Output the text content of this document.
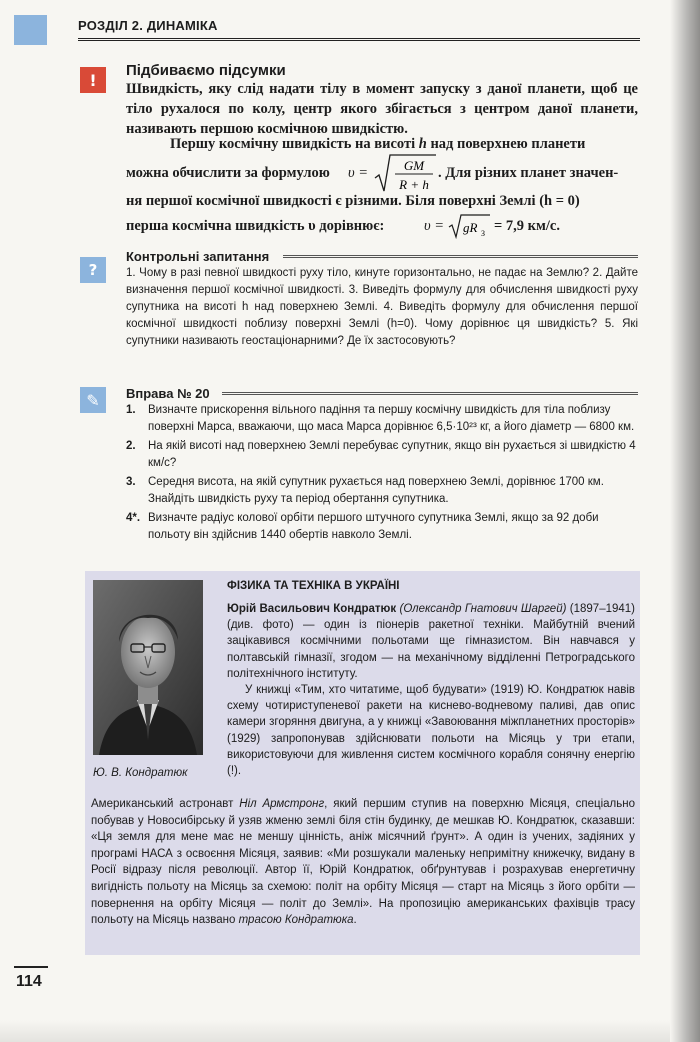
РОЗДІЛ 2. ДИНАМІКА
!	Підбиваємо підсумки
Швидкість, яку слід надати тілу в момент запуску з даної планети, щоб це тіло рухалося по колу, центр якого збігається з центром даної планети, називають першою космічною швидкістю.
Першу космічну швидкість на висоті h над поверхнею планети
можна обчислити за формулою υ =	GM
R + h
. Для різних планет значен-
ня першої космічної швидкості є різними. Біля поверхні Землі (h = 0)
перша космічна швидкість υ дорівнює:	υ = gR З = 7,9 км/с.
?
Контрольні запитання
1. Чому в разі певної швидкості руху тіло, кинуте горизонтально, не падає на Землю? 2. Дайте визначення першої космічної швидкості. 3. Виведіть формулу для обчислення швидкості руху супутника на висоті h над поверхнею Землі. 4. Виведіть формулу для обчислення першої космічної швидкості поблизу поверхні Землі (h=0). Чому дорівнює ця швидкість? 5. Які супутники називають геостаціонарними? Де їх застосовують?
✎	Вправа № 20
1. Визначте прискорення вільного падіння та першу космічну швидкість для тіла поблизу поверхні Марса, вважаючи, що маса Марса дорівнює 6,5·10²³ кг, а його діаметр — 6800 км.
2. На якій висоті над поверхнею Землі перебуває супутник, якщо він рухається зі швидкістю 4 км/с?
3. Середня висота, на якій супутник рухається над поверхнею Землі, дорівнює 1700 км. Знайдіть швидкість руху та період обертання супутника.
4*. Визначте радіус колової орбіти першого штучного супутника Землі, якщо за 92 доби польоту він здійснив 1440 обертів навколо Землі.
Ю. В. Кондратюк
ФІЗИКА ТА ТЕХНІКА В УКРАЇНІ

Юрій Васильович Кондратюк (Олександр Гнатович Шаргей) (1897–1941) (див. фото) — один із піонерів ракетної техніки. Майбутній вчений зацікавився космічними польотами ще гімназистом. Він навчався у полтавській гімназії, згодом — на механічному відділенні Петроградського політехнічного інституту.

У книжці «Тим, хто читатиме, щоб будувати» (1919) Ю. Кондратюк навів схему чотириступеневої ракети на киснево-водневому паливі, дав опис камери згоряння двигуна, а у книжці «Завоювання міжпланетних просторів» (1929) запропонував здійснювати польоти на Місяць у три етапи, використовуючи для живлення систем космічного корабля сонячну енергію (!).

Американський астронавт Ніл Армстронг, який першим ступив на поверхню Місяця, спеціально побував у Новосибірську й узяв жменю землі біля стін будинку, де мешкав Ю. Кондратюк, сказавши: «Ця земля для мене має не меншу цінність, аніж місячний ґрунт». А один із учених, задіяних у програмі НАСА з освоєння Місяця, заявив: «Ми розшукали маленьку непримітну книжечку, видану в Росії відразу після революції. Автор її, Юрій Кондратюк, обґрунтував і розрахував енергетичну вигідність польоту на Місяць за схемою: політ на орбіту Місяця — старт на Місяць з його орбіти — повернення на орбіту Місяця — політ до Землі». На пропозицію американських фахівців трасу польоту на Місяць названо трасою Кондратюка.
114
